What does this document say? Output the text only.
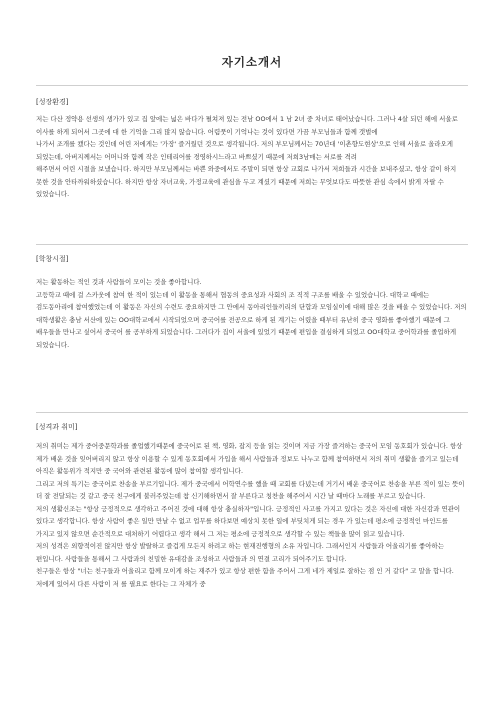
자기소개서
[성장환경]

저는 다산 정약용 선생의 생가가 있고 집 앞에는 넓은 바다가 펼쳐져 있는 전남 OO에서 1 남 2녀 중 차녀로 태어났습니다. 그러나 4살 되던 해에 서울로 이사를 하게 되어서 그곳에 대 한 기억을 그리 많지 않습니다. 어렴풋이 기억나는 것이 있다면 가끔 부모님들과 함께 갯벌에

나가서 조개를 캤다는 것인데 어린 저에게는 '가장' 즐거웠던 것으로 생각됩니다. 저의 부모님께서는 70년대 '이촌향도현상'으로 인해 서울로 올라오게 되었는데, 아버지께서는 어머니와 함께 작은 인테리어를 경영하시느라고 바쁘셨기 때문에 저희3남매는 서로를 격려

해주면서 어린 시절을 보냈습니다. 하지만 부모님께서는 바쁜 와중에서도 주말이 되면 항상 교회로 나가서 저희들과 시간을 보내주셨고, 항상 같이 하지 못한 것을 안타까워하셨습니다. 하지만 항상 자녀교육, 가정교육에 관심을 두고 계셨기 때문에 저희는 무엇보다도 따뜻한 관심 속에서 밝게 자랄 수 있었습니다.

[학창시절]

저는 활동하는 적인 것과 사람들이 모이는 것을 좋아합니다.

고등학교 때에 걸 스카웃에 참여 한 적이 있는데 이 활동을 통해서 협동의 중요성과 사회의 조 직적 구조를 배울 수 있었습니다. 대학교 때에는 검도동아리에 참여했었는데 이 활동은 자신의 수련도 중요하지만 그 안에서 동아리인들끼리의 단합과 모임실이에 대해 많은 것을 배울 수 있었습니다. 저의 대학생활은 충남 서산에 있는 OO대학교에서 시작되었으며 중국어를 전공으로 하게 된 계기는 어렸을 때부터 유난히 중국 영화를 좋아했기 때문에 그 배우들을 만나고 싶어서 중국어 를 공부하게 되었습니다. 그러다가 집이 서울에 있었기 때문에 편입을 결심하게 되었고 OO대학교 중어학과를 졸업하게 되었습니다.

[성격과 취미]

저의 취미는 제가 중어중문학과를 졸업했기때문에 중국어로 된 책, 영화, 잡지 등을 읽는 것이며 지금 가장 즐겨하는 중국어 모임 동호회가 있습니다. 항상 제가 배운 것을 잊어버리지 않고 항상 이용할 수 있게 동호회에서 가입을 해서 사람들과 정보도 나누고 함께 참여하면서 저의 취미 생활을 즐기고 있는데 아직은 활동위가 적지만 중 국어와 관련된 활동에 많이 참여할 생각입니다.

그리고 저의 특기는 중국어로 찬송을 부르기입니다. 제가 중국에서 어학연수를 했을 때 교회를 다녔는데 거기서 배운 중국어로 찬송을 부른 적이 있는 뜻이 더 잘 전달되는 것 같고 중국 친구에게 불러주었는데 참 신기해하면서 잘 부른다고 칭찬을 해주어서 시간 날 때마다 노래를 부르고 있습니다.

저의 생활신조는 "항상 긍정적으로 생각하고 주어진 것에 대해 항상 충실하자"입니다. 긍정적인 사고를 가지고 있다는 것은 자신에 대한 자신감과 연관이 있다고 생각합니다. 항상 사람이 좋은 일만 만날 수 없고 업무를 하다보면 예상치 못한 일에 부딪치게 되는 경우 가 있는데 평소에 긍정적인 마인드를 가지고 있지 않으면 순간적으로 대처하기 어렵다고 생각 해서 그 저는 평소에 긍정적으로 생각할 수 있는 책들을 많이 읽고 있습니다.

저의 성격은 외향적이진 않지만 항상 발랄하고 즐겁게 모든지 하려고 하는 현재진행형의 소유 자입니다. 그래서인지 사람들과 어울리기를 좋아하는 편입니다. 사람들을 통해서 그 사람과의 친밀한 유대감을 조성하고 사람들과 의 연결 고리가 되어주기도 합니다.

친구들은 항상 "너는 친구들과 어울리고 함께 모이게 하는 재주가 있고 항상 편한 함을 주어서 그게 네가 제일로 잘하는 점 인 거 같다" 고 말을 합니다. 저에게 있어서 다른 사람이 저 를 필요로 한다는 그 자체가 중
